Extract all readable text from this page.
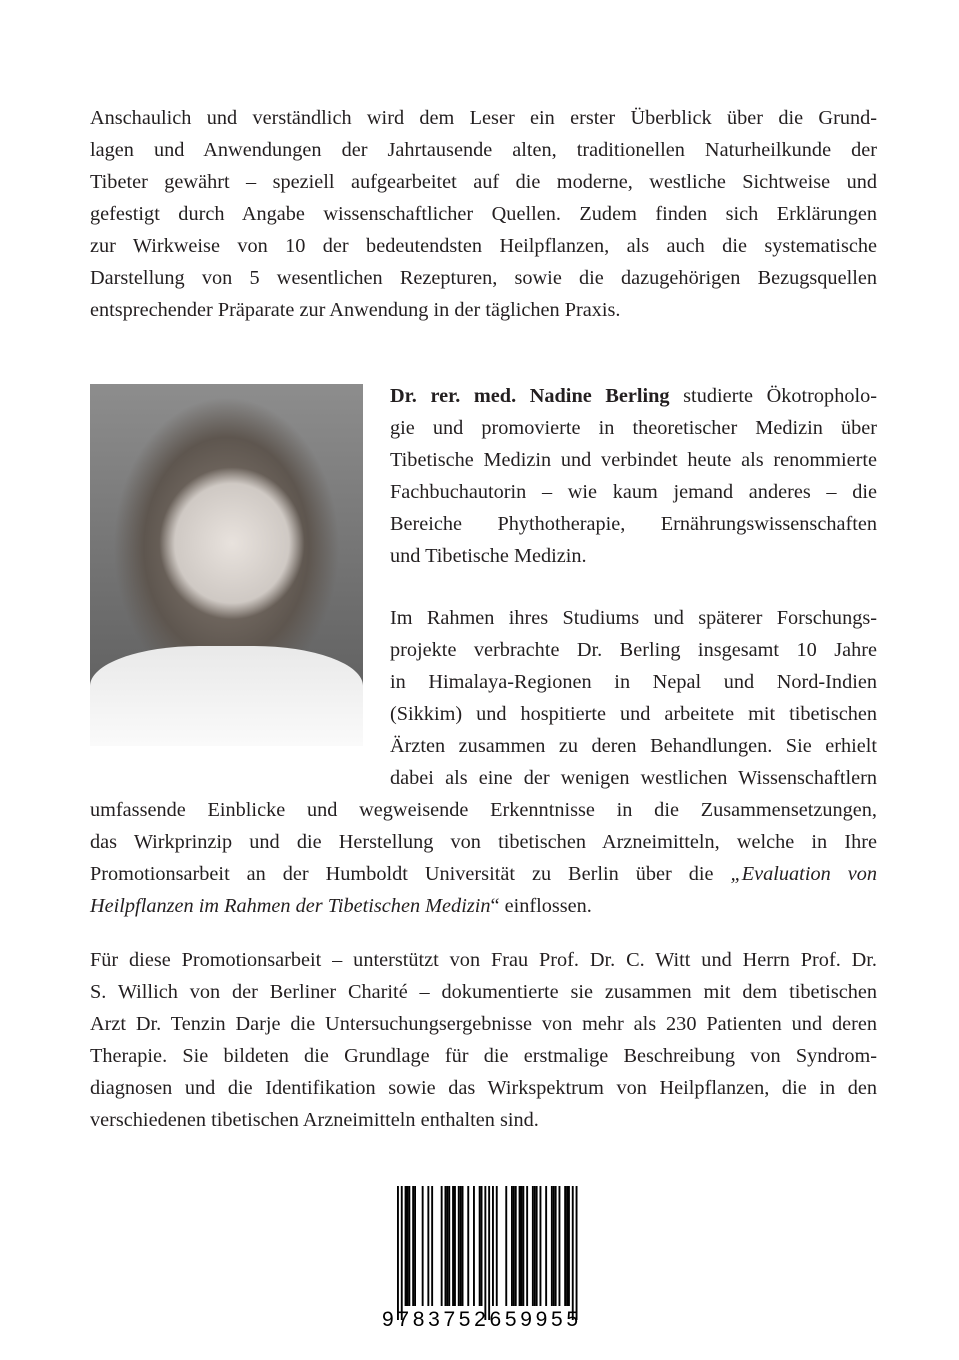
Anschaulich und verständlich wird dem Leser ein erster Überblick über die Grund-
lagen und Anwendungen der Jahrtausende alten, traditionellen Naturheilkunde der
Tibeter gewährt – speziell aufgearbeitet auf die moderne, westliche Sichtweise und
gefestigt durch Angabe wissenschaftlicher Quellen. Zudem finden sich Erklärungen
zur Wirkweise von 10 der bedeutendsten Heilpflanzen, als auch die systematische
Darstellung von 5 wesentlichen Rezepturen, sowie die dazugehörigen Bezugsquellen
entsprechender Präparate zur Anwendung in der täglichen Praxis.
Dr. rer. med. Nadine Berling studierte Ökotropholo-
gie und promovierte in theoretischer Medizin über
Tibetische Medizin und verbindet heute als renommierte
Fachbuchautorin – wie kaum jemand anderes – die
Bereiche Phythotherapie, Ernährungswissenschaften
und Tibetische Medizin.
Im Rahmen ihres Studiums und späterer Forschungs-
projekte verbrachte Dr. Berling insgesamt 10 Jahre
in Himalaya-Regionen in Nepal und Nord-Indien
(Sikkim) und hospitierte und arbeitete mit tibetischen
Ärzten zusammen zu deren Behandlungen. Sie erhielt
dabei als eine der wenigen westlichen Wissenschaftlern
umfassende Einblicke und wegweisende Erkenntnisse in die Zusammensetzungen,
das Wirkprinzip und die Herstellung von tibetischen Arzneimitteln, welche in Ihre
Promotionsarbeit an der Humboldt Universität zu Berlin über die „Evaluation von
Heilpflanzen im Rahmen der Tibetischen Medizin“ einflossen.
Für diese Promotionsarbeit – unterstützt von Frau Prof. Dr. C. Witt und Herrn Prof. Dr.
S. Willich von der Berliner Charité – dokumentierte sie zusammen mit dem tibetischen
Arzt Dr. Tenzin Darje die Untersuchungsergebnisse von mehr als 230 Patienten und deren
Therapie. Sie bildeten die Grundlage für die erstmalige Beschreibung von Syndrom-
diagnosen und die Identifikation sowie das Wirkspektrum von Heilpflanzen, die in den
verschiedenen tibetischen Arzneimitteln enthalten sind.
9783752659955
